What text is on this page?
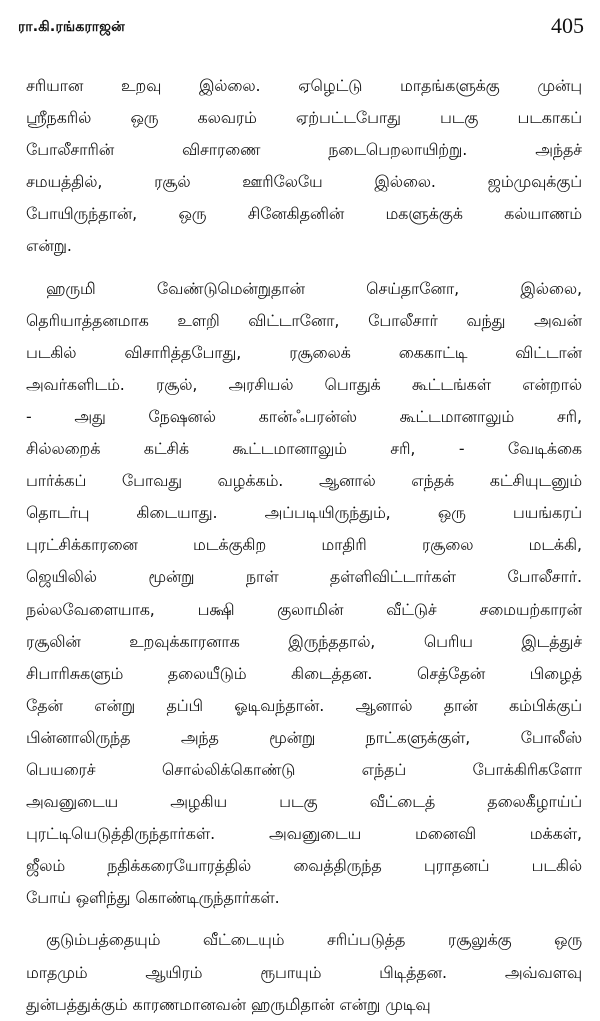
ரா.கி.ரங்கராஜன்	405
சரியான உறவு இல்லை. ஏழெட்டு மாதங்களுக்கு முன்பு
ஸ்ரீநகரில் ஒரு கலவரம் ஏற்பட்டபோது படகு படகாகப்
போலீசாரின் விசாரணை நடைபெறலாயிற்று. அந்தச்
சமயத்தில், ரசூல் ஊரிலேயே இல்லை. ஜம்முவுக்குப்
போயிருந்தான், ஒரு சினேகிதனின் மகளுக்குக் கல்யாணம்
என்று.
ஹருமி வேண்டுமென்றுதான் செய்தானோ, இல்லை,
தெரியாத்தனமாக உளறி விட்டானோ, போலீசார் வந்து அவன்
படகில் விசாரித்தபோது, ரசூலைக் கைகாட்டி விட்டான்
அவர்களிடம். ரசூல், அரசியல் பொதுக் கூட்டங்கள் என்றால்
- அது நேஷனல் கான்ஃபரன்ஸ் கூட்டமானாலும் சரி,
சில்லறைக் கட்சிக் கூட்டமானாலும் சரி, - வேடிக்கை
பார்க்கப் போவது வழக்கம். ஆனால் எந்தக் கட்சியுடனும்
தொடர்பு கிடையாது. அப்படியிருந்தும், ஒரு பயங்கரப்
புரட்சிக்காரனை மடக்குகிற மாதிரி ரசூலை மடக்கி,
ஜெயிலில் மூன்று நாள் தள்ளிவிட்டார்கள் போலீசார்.
நல்லவேளையாக, பக்ஷி குலாமின் வீட்டுச் சமையற்காரன்
ரசூலின் உறவுக்காரனாக இருந்ததால், பெரிய இடத்துச்
சிபாரிசுகளும் தலையீடும் கிடைத்தன. செத்தேன் பிழைத்
தேன் என்று தப்பி ஓடிவந்தான். ஆனால் தான் கம்பிக்குப்
பின்னாலிருந்த அந்த மூன்று நாட்களுக்குள், போலீஸ்
பெயரைச் சொல்லிக்கொண்டு எந்தப் போக்கிரிகளோ
அவனுடைய அழகிய படகு வீட்டைத் தலைகீழாய்ப்
புரட்டியெடுத்திருந்தார்கள். அவனுடைய மனைவி மக்கள்,
ஜீலம் நதிக்கரையோரத்தில் வைத்திருந்த புராதனப் படகில்
போய் ஒளிந்து கொண்டிருந்தார்கள்.
குடும்பத்தையும் வீட்டையும் சரிப்படுத்த ரசூலுக்கு ஒரு
மாதமும் ஆயிரம் ரூபாயும் பிடித்தன. அவ்வளவு
துன்பத்துக்கும் காரணமானவன் ஹருமிதான் என்று முடிவு
